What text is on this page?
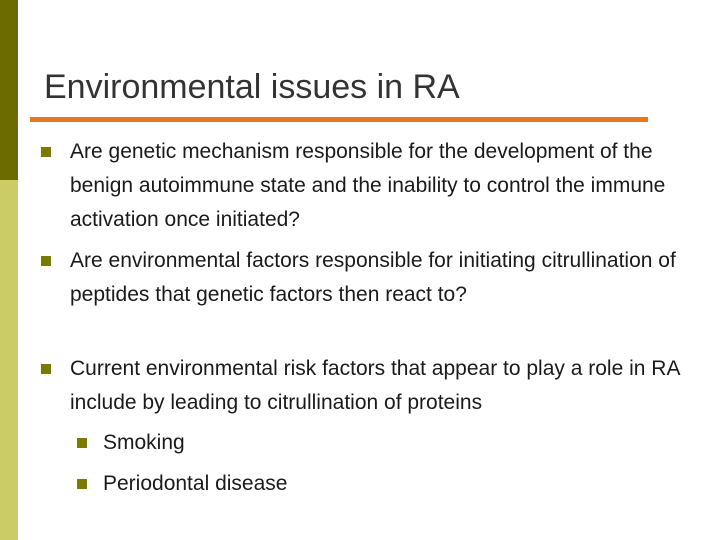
Environmental issues in RA
Are genetic mechanism responsible for the development of the benign autoimmune state and the inability to control the immune activation once initiated?
Are environmental factors responsible for initiating citrullination of peptides that genetic factors then react to?
Current environmental risk factors that appear to play a role in RA include by leading to citrullination of proteins
Smoking
Periodontal disease
